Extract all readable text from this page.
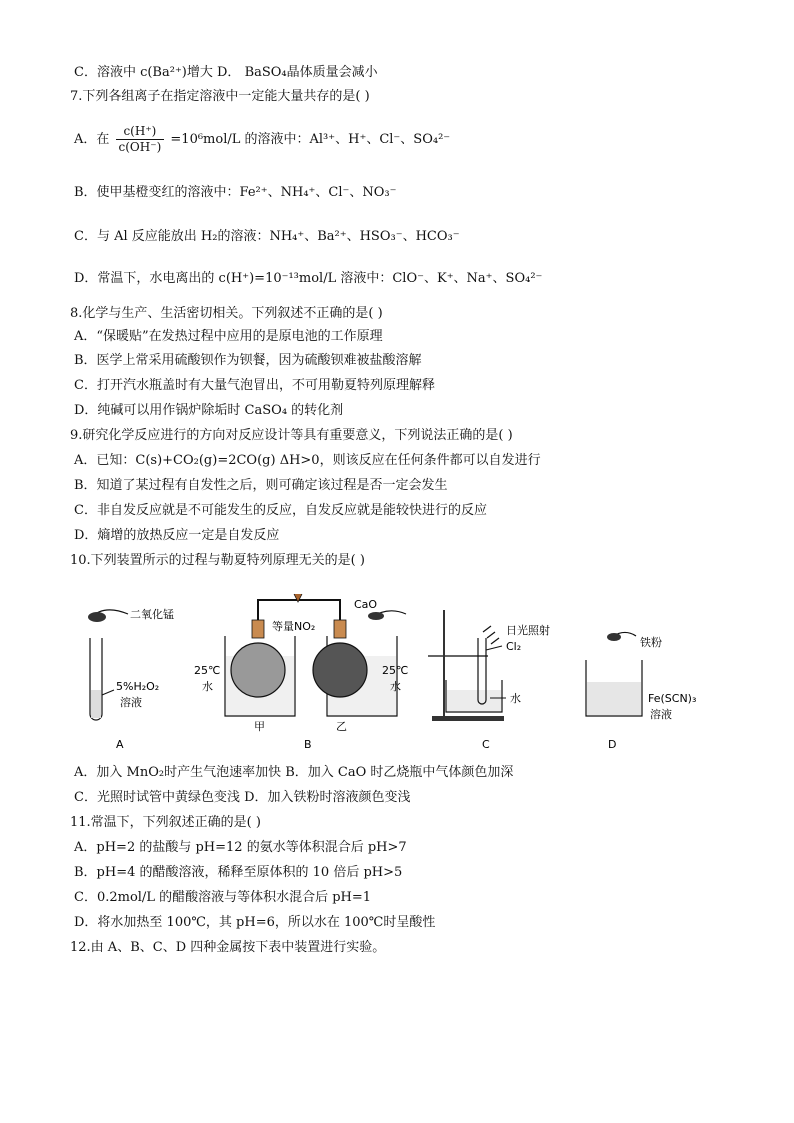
C．溶液中 c(Ba²⁺)增大 D． BaSO₄晶体质量会减小
7.下列各组离子在指定溶液中一定能大量共存的是( )
A．在 $\frac{c(H^+)}{c(OH^-)} =10^6mol/L$ 的溶液中：Al³⁺、H⁺、Cl⁻、SO₄²⁻
B．使甲基橙变红的溶液中：Fe²⁺、NH₄⁺、Cl⁻、NO₃⁻
C．与 Al 反应能放出 H₂的溶液：NH₄⁺、Ba²⁺、HSO₃⁻、HCO₃⁻
D．常温下，水电离出的 c(H⁺)=10⁻¹³mol/L 溶液中：ClO⁻、K⁺、Na⁺、SO₄²⁻
8.化学与生产、生活密切相关。下列叙述不正确的是( )
A．“保暖贴”在发热过程中应用的是原电池的工作原理
B．医学上常采用硫酸钡作为钡餐，因为硫酸钡难被盐酸溶解
C．打开汽水瓶盖时有大量气泡冒出，不可用勒夏特列原理解释
D．纯碱可以用作锅炉除垢时 CaSO₄ 的转化剂
9.研究化学反应进行的方向对反应设计等具有重要意义，下列说法正确的是( )
A．已知：C(s)+CO₂(g)=2CO(g) ΔH>0，则该反应在任何条件都可以自发进行
B．知道了某过程有自发性之后，则可确定该过程是否一定会发生
C．非自发反应就是不可能发生的反应，自发反应就是能较快进行的反应
D．熵增的放热反应一定是自发反应
10.下列装置所示的过程与勒夏特列原理无关的是( )
二氧化锰
5%H₂O₂
溶液
A
等量NO₂
CaO
25℃
水
25℃
水
甲	乙
B
日光照射
Cl₂
水
C
铁粉
Fe(SCN)₃
溶液
D
A．加入 MnO₂时产生气泡速率加快 B．加入 CaO 时乙烧瓶中气体颜色加深
C．光照时试管中黄绿色变浅 D．加入铁粉时溶液颜色变浅
11.常温下，下列叙述正确的是( )
A．pH=2 的盐酸与 pH=12 的氨水等体积混合后 pH>7
B．pH=4 的醋酸溶液，稀释至原体积的 10 倍后 pH>5
C．0.2mol/L 的醋酸溶液与等体积水混合后 pH=1
D．将水加热至 100℃，其 pH=6，所以水在 100℃时呈酸性
12.由 A、B、C、D 四种金属按下表中装置进行实验。
